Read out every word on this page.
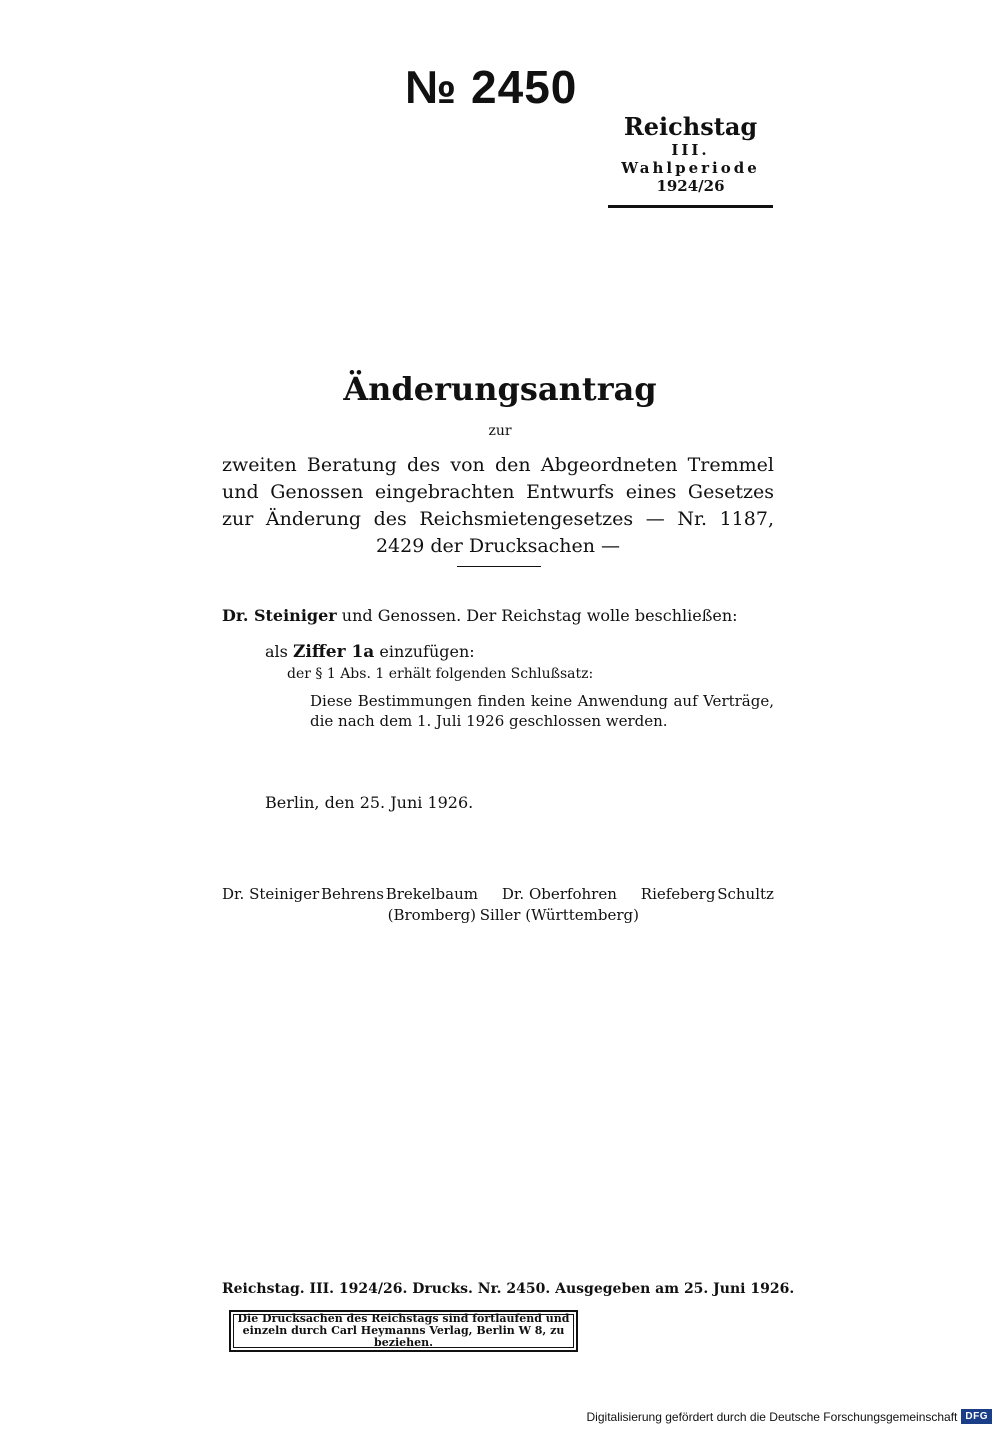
№ 2450
Reichstag
III. Wahlperiode
1924/26
Änderungsantrag
zur
zweiten Beratung des von den Abgeordneten Tremmel und Genossen eingebrachten Entwurfs eines Gesetzes zur Änderung des Reichsmietengesetzes — Nr. 1187, 2429 der Drucksachen —
Dr. Steiniger und Genossen. Der Reichstag wolle beschließen:
als Ziffer 1a einzufügen:
der § 1 Abs. 1 erhält folgenden Schlußsatz:
Diese Bestimmungen finden keine Anwendung auf Verträge, die nach dem 1. Juli 1926 geschlossen werden.
Berlin, den 25. Juni 1926.
Dr. Steiniger Behrens Brekelbaum
(Bromberg)
Dr. Oberfohren
Siller (Württemberg)
Riefeberg Schultz
Reichstag. III. 1924/26. Drucks. Nr. 2450. Ausgegeben am 25. Juni 1926.
Die Drucksachen des Reichstags sind fortlaufend und einzeln durch Carl Heymanns Verlag, Berlin W 8, zu beziehen.
Digitalisierung gefördert durch die Deutsche Forschungsgemeinschaft DFG
